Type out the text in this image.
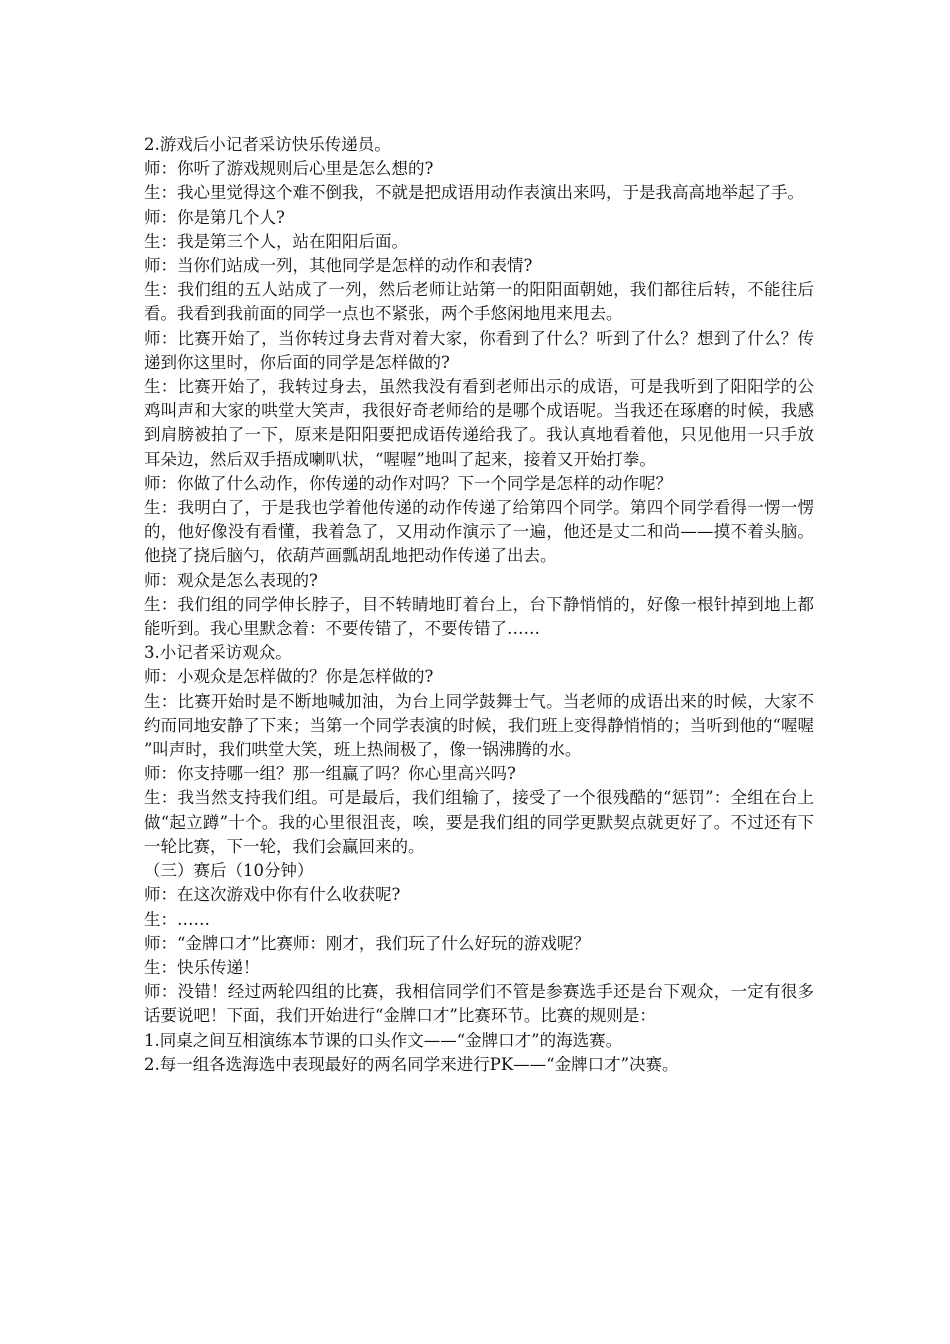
2.游戏后小记者采访快乐传递员。

师：你听了游戏规则后心里是怎么想的?

生：我心里觉得这个难不倒我，不就是把成语用动作表演出来吗，于是我高高地举起了手。

师：你是第几个人?

生：我是第三个人，站在阳阳后面。

师：当你们站成一列，其他同学是怎样的动作和表情?

生：我们组的五人站成了一列，然后老师让站第一的阳阳面朝她，我们都往后转，不能往后看。我看到我前面的同学一点也不紧张，两个手悠闲地甩来甩去。

师：比赛开始了，当你转过身去背对着大家，你看到了什么？听到了什么？想到了什么？传递到你这里时，你后面的同学是怎样做的?

生：比赛开始了，我转过身去，虽然我没有看到老师出示的成语，可是我听到了阳阳学的公鸡叫声和大家的哄堂大笑声，我很好奇老师给的是哪个成语呢。当我还在琢磨的时候，我感到肩膀被拍了一下，原来是阳阳要把成语传递给我了。我认真地看着他，只见他用一只手放耳朵边，然后双手捂成喇叭状，“喔喔”地叫了起来，接着又开始打拳。

师：你做了什么动作，你传递的动作对吗？下一个同学是怎样的动作呢？

生：我明白了，于是我也学着他传递的动作传递了给第四个同学。第四个同学看得一愣一愣的，他好像没有看懂，我着急了，又用动作演示了一遍，他还是丈二和尚——摸不着头脑。他挠了挠后脑勺，依葫芦画瓢胡乱地把动作传递了出去。

师：观众是怎么表现的?

生：我们组的同学伸长脖子，目不转睛地盯着台上，台下静悄悄的，好像一根针掉到地上都能听到。我心里默念着：不要传错了，不要传错了……

3.小记者采访观众。

师：小观众是怎样做的？你是怎样做的?

生：比赛开始时是不断地喊加油，为台上同学鼓舞士气。当老师的成语出来的时候，大家不约而同地安静了下来；当第一个同学表演的时候，我们班上变得静悄悄的；当听到他的“喔喔”叫声时，我们哄堂大笑，班上热闹极了，像一锅沸腾的水。

师：你支持哪一组？那一组赢了吗？你心里高兴吗?

生：我当然支持我们组。可是最后，我们组输了，接受了一个很残酷的“惩罚”：全组在台上做“起立蹲”十个。我的心里很沮丧，唉，要是我们组的同学更默契点就更好了。不过还有下一轮比赛，下一轮，我们会赢回来的。

（三）赛后（10分钟）

师：在这次游戏中你有什么收获呢?

生：……

师：“金牌口才”比赛师：刚才，我们玩了什么好玩的游戏呢？

生：快乐传递！

师：没错！经过两轮四组的比赛，我相信同学们不管是参赛选手还是台下观众，一定有很多话要说吧！下面，我们开始进行“金牌口才”比赛环节。比赛的规则是：

1.同桌之间互相演练本节课的口头作文——“金牌口才”的海选赛。

2.每一组各选海选中表现最好的两名同学来进行PK——“金牌口才”决赛。
